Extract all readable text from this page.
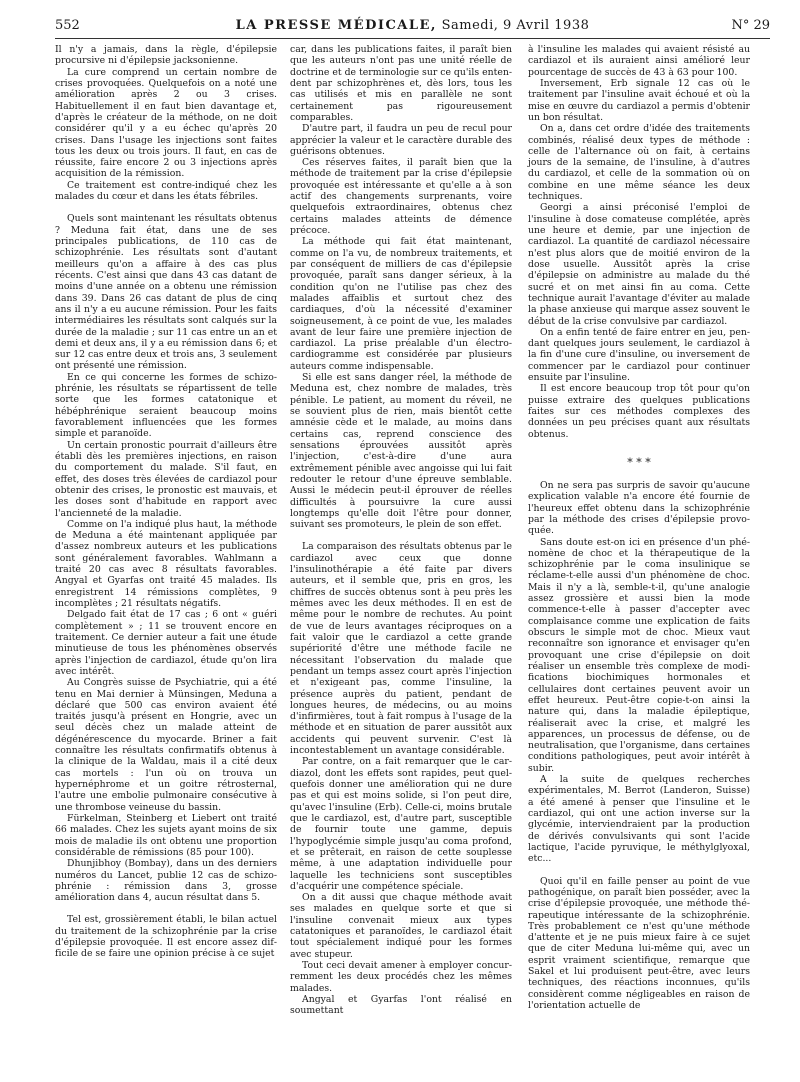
552	LA PRESSE MÉDICALE, Samedi, 9 Avril 1938	N° 29

Il n'y a jamais, dans la règle, d'épilepsie procursive ni d'épilepsie jacksonienne.

La cure comprend un certain nombre de crises provoquées. Quelquefois on a noté une amélioration après 2 ou 3 crises. Habituellement il en faut bien davantage et, d'après le créateur de la méthode, on ne doit considérer qu'il y a eu échec qu'après 20 crises. Dans l'usage les injections sont faites tous les deux ou trois jours. Il faut, en cas de réussite, faire encore 2 ou 3 injections après acquisition de la rémission.

Ce traitement est contre-indiqué chez les malades du cœur et dans les états fébriles.

Quels sont maintenant les résultats obtenus ? Meduna fait état, dans une de ses principales publications, de 110 cas de schizophrénie. Les résultats sont d'autant meilleurs qu'on a affaire à des cas plus récents. C'est ainsi que dans 43 cas datant de moins d'une année on a obtenu une rémission dans 39. Dans 26 cas datant de plus de cinq ans il n'y a eu aucune rémission. Pour les faits intermédiaires les résultats sont calqués sur la durée de la maladie ; sur 11 cas entre un an et demi et deux ans, il y a eu rémission dans 6; et sur 12 cas entre deux et trois ans, 3 seulement ont présenté une rémission.

En ce qui concerne les formes de schizophrénie, les résultats se répartissent de telle sorte que les formes catatonique et hébéphrénique seraient beaucoup moins favorablement influencées que les formes simple et paranoïde.

Un certain pronostic pourrait d'ailleurs être établi dès les premières injections, en raison du comportement du malade. S'il faut, en effet, des doses très élevées de cardiazol pour obtenir des crises, le pronostic est mauvais, et les doses sont d'habitude en rapport avec l'ancienneté de la maladie.

Comme on l'a indiqué plus haut, la méthode de Meduna a été maintenant appliquée par d'assez nombreux auteurs et les publications sont généralement favorables. Wahlmann a traité 20 cas avec 8 résultats favorables. Angyal et Gyarfas ont traité 45 malades. Ils enregistrent 14 rémissions complètes, 9 incomplètes ; 21 résultats négatifs.

Delgado fait état de 17 cas ; 6 ont « guéri complètement » ; 11 se trouvent encore en traitement. Ce dernier auteur a fait une étude minutieuse de tous les phénomènes observés après l'injection de cardiazol, étude qu'on lira avec intérêt.

Au Congrès suisse de Psychiatrie, qui a été tenu en Mai dernier à Münsingen, Meduna a déclaré que 500 cas environ avaient été traités jusqu'à présent en Hongrie, avec un seul décès chez un malade atteint de dégénérescence du myocarde. Briner a fait connaître les résultats confirmatifs obtenus à la clinique de la Waldau, mais il a cité deux cas mortels : l'un où on trouva un hypernéphrome et un goitre rétrosternal, l'autre une embolie pulmonaire consécutive à une thrombose veineuse du bassin.

Fürkelman, Steinberg et Liebert ont traité 66 malades. Chez les sujets ayant moins de six mois de maladie ils ont obtenu une proportion considérable de rémissions (85 pour 100).

Dhunjibhoy (Bombay), dans un des derniers numéros du Lancet, publie 12 cas de schizophrénie : rémission dans 3, grosse amélioration dans 4, aucun résultat dans 5.

Tel est, grossièrement établi, le bilan actuel du traitement de la schizophrénie par la crise d'épilepsie provoquée. Il est encore assez difficile de se faire une opinion précise à ce sujet

car, dans les publications faites, il paraît bien que les auteurs n'ont pas une unité réelle de doctrine et de terminologie sur ce qu'ils entendent par schizophrènes et, dès lors, tous les cas utilisés et mis en parallèle ne sont certainement pas rigoureusement comparables.

D'autre part, il faudra un peu de recul pour apprécier la valeur et le caractère durable des guérisons obtenues.

Ces réserves faites, il paraît bien que la méthode de traitement par la crise d'épilepsie provoquée est intéressante et qu'elle a à son actif des changements surprenants, voire quelquefois extraordinaires, obtenus chez certains malades atteints de démence précoce.

La méthode qui fait état maintenant, comme on l'a vu, de nombreux traitements, et par conséquent de milliers de cas d'épilepsie provoquée, paraît sans danger sérieux, à la condition qu'on ne l'utilise pas chez des malades affaiblis et surtout chez des cardiaques, d'où la nécessité d'examiner soigneusement, à ce point de vue, les malades avant de leur faire une première injection de cardiazol. La prise préalable d'un électrocardiogramme est considérée par plusieurs auteurs comme indispensable.

Si elle est sans danger réel, la méthode de Meduna est, chez nombre de malades, très pénible. Le patient, au moment du réveil, ne se souvient plus de rien, mais bientôt cette amnésie cède et le malade, au moins dans certains cas, reprend conscience des sensations éprouvées aussitôt après l'injection, c'est-à-dire d'une aura extrêmement pénible avec angoisse qui lui fait redouter le retour d'une épreuve semblable. Aussi le médecin peut-il éprouver de réelles difficultés à poursuivre la cure aussi longtemps qu'elle doit l'être pour donner, suivant ses promoteurs, le plein de son effet.

La comparaison des résultats obtenus par le cardiazol avec ceux que donne l'insulinothérapie a été faite par divers auteurs, et il semble que, pris en gros, les chiffres de succès obtenus sont à peu près les mêmes avec les deux méthodes. Il en est de même pour le nombre de rechutes. Au point de vue de leurs avantages réciproques on a fait valoir que le cardiazol a cette grande supériorité d'être une méthode facile ne nécessitant l'observation du malade que pendant un temps assez court après l'injection et n'exigeant pas, comme l'insuline, la présence auprès du patient, pendant de longues heures, de médecins, ou au moins d'infirmières, tout à fait rompus à l'usage de la méthode et en situation de parer aussitôt aux accidents qui peuvent survenir. C'est là incontestablement un avantage considérable.

Par contre, on a fait remarquer que le cardiazol, dont les effets sont rapides, peut quelquefois donner une amélioration qui ne dure pas et qui est moins solide, si l'on peut dire, qu'avec l'insuline (Erb). Celle-ci, moins brutale que le cardiazol, est, d'autre part, susceptible de fournir toute une gamme, depuis l'hypoglycémie simple jusqu'au coma profond, et se prêterait, en raison de cette souplesse même, à une adaptation individuelle pour laquelle les techniciens sont susceptibles d'acquérir une compétence spéciale.

On a dit aussi que chaque méthode avait ses malades en quelque sorte et que si l'insuline convenait mieux aux types catatoniques et paranoïdes, le cardiazol était tout spécialement indiqué pour les formes avec stupeur.

Tout ceci devait amener à employer concurremment les deux procédés chez les mêmes malades.

Angyal et Gyarfas l'ont réalisé en soumettant

à l'insuline les malades qui avaient résisté au cardiazol et ils auraient ainsi amélioré leur pourcentage de succès de 43 à 63 pour 100.

Inversement, Erb signale 12 cas où le traitement par l'insuline avait échoué et où la mise en œuvre du cardiazol a permis d'obtenir un bon résultat.

On a, dans cet ordre d'idée des traitements combinés, réalisé deux types de méthode : celle de l'alternance où on fait, à certains jours de la semaine, de l'insuline, à d'autres du cardiazol, et celle de la sommation où on combine en une même séance les deux techniques.

Georgi a ainsi préconisé l'emploi de l'insuline à dose comateuse complétée, après une heure et demie, par une injection de cardiazol. La quantité de cardiazol nécessaire n'est plus alors que de moitié environ de la dose usuelle. Aussitôt après la crise d'épilepsie on administre au malade du thé sucré et on met ainsi fin au coma. Cette technique aurait l'avantage d'éviter au malade la phase anxieuse qui marque assez souvent le début de la crise convulsive par cardiazol.

On a enfin tenté de faire entrer en jeu, pendant quelques jours seulement, le cardiazol à la fin d'une cure d'insuline, ou inversement de commencer par le cardiazol pour continuer ensuite par l'insuline.

Il est encore beaucoup trop tôt pour qu'on puisse extraire des quelques publications faites sur ces méthodes complexes des données un peu précises quant aux résultats obtenus.

* * *

On ne sera pas surpris de savoir qu'aucune explication valable n'a encore été fournie de l'heureux effet obtenu dans la schizophrénie par la méthode des crises d'épilepsie provoquée.

Sans doute est-on ici en présence d'un phénomène de choc et la thérapeutique de la schizophrénie par le coma insulinique se réclame-t-elle aussi d'un phénomène de choc. Mais il n'y a là, semble-t-il, qu'une analogie assez grossière et aussi bien la mode commence-t-elle à passer d'accepter avec complaisance comme une explication de faits obscurs le simple mot de choc. Mieux vaut reconnaître son ignorance et envisager qu'en provoquant une crise d'épilepsie on doit réaliser un ensemble très complexe de modifications biochimiques hormonales et cellulaires dont certaines peuvent avoir un effet heureux. Peut-être copie-t-on ainsi la nature qui, dans la maladie épileptique, réaliserait avec la crise, et malgré les apparences, un processus de défense, ou de neutralisation, que l'organisme, dans certaines conditions pathologiques, peut avoir intérêt à subir.

A la suite de quelques recherches expérimentales, M. Berrot (Landeron, Suisse) a été amené à penser que l'insuline et le cardiazol, qui ont une action inverse sur la glycémie, interviendraient par la production de dérivés convulsivants qui sont l'acide lactique, l'acide pyruvique, le méthylglyoxal, etc...

Quoi qu'il en faille penser au point de vue pathogénique, on paraît bien posséder, avec la crise d'épilepsie provoquée, une méthode thérapeutique intéressante de la schizophrénie. Très probablement ce n'est qu'une méthode d'attente et je ne puis mieux faire à ce sujet que de citer Meduna lui-même qui, avec un esprit vraiment scientifique, remarque que Sakel et lui produisent peut-être, avec leurs techniques, des réactions inconnues, qu'ils considèrent comme négligeables en raison de l'orientation actuelle de
